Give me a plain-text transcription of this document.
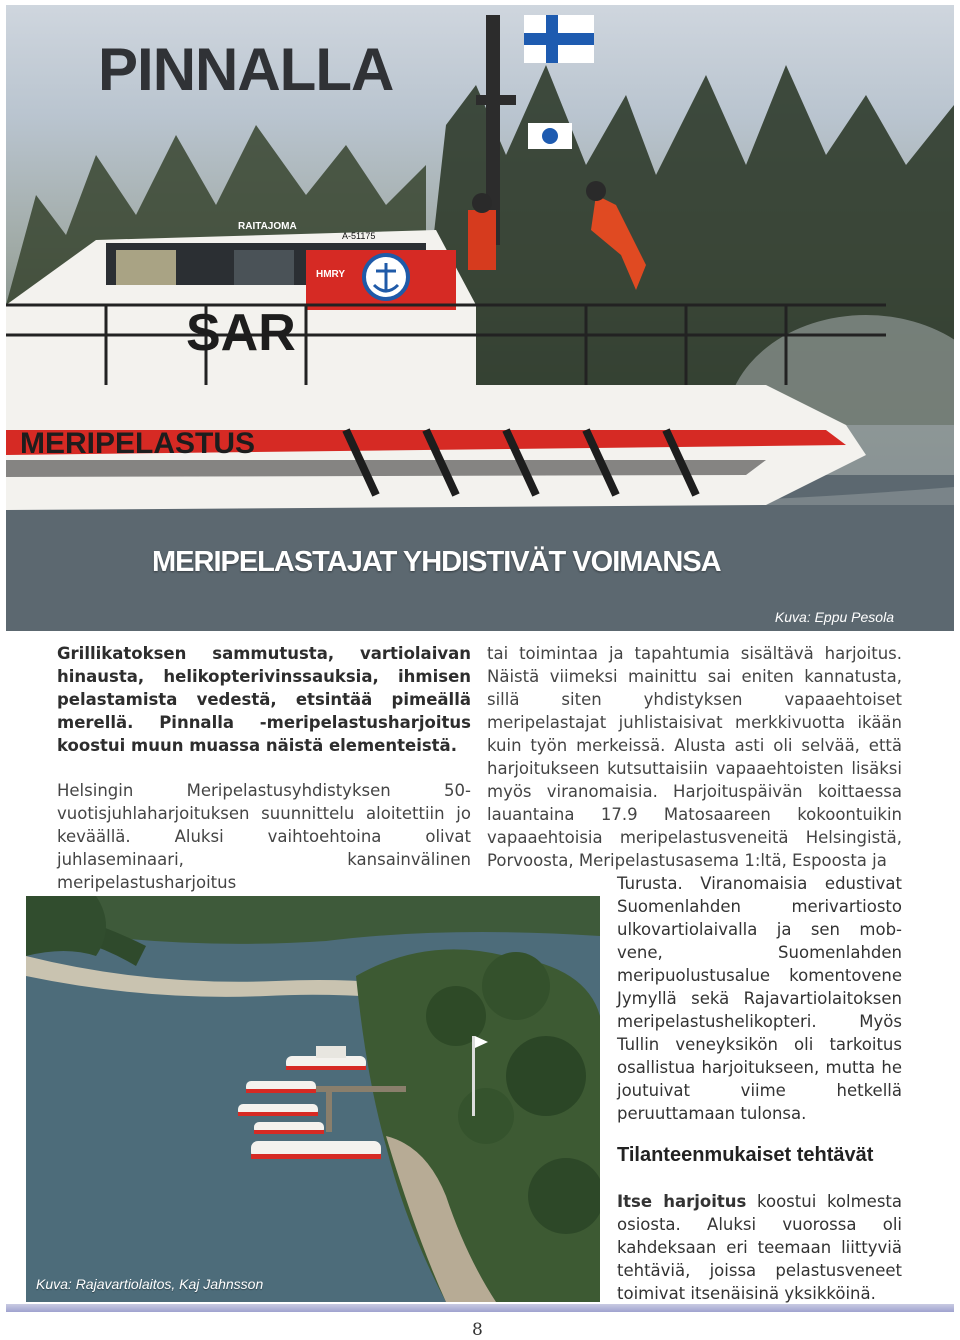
MERIPELASTUS
SAR
RAITAJOMA
A-51175
HMRY
PINNALLA
MERIPELASTAJAT YHDISTIVÄT VOIMANSA

Kuva: Eppu Pesola

Grillikatoksen sammutusta, vartiolaivan hinausta, helikopterivinssauksia, ihmisen pelastamista vedestä, etsintää pimeällä merellä. Pinnalla -meripelastusharjoitus koostui muun muassa näistä elementeistä.

Helsingin Meripelastusyhdistyksen 50-vuotisjuhlaharjoituksen suunnittelu aloitettiin jo keväällä. Aluksi vaihtoehtoina olivat juhlaseminaari, kansainvälinen meripelastusharjoitus

tai toimintaa ja tapahtumia sisältävä harjoitus. Näistä viimeksi mainittu sai eniten kannatusta, sillä siten yhdistyksen vapaaehtoiset meripelastajat juhlistaisivat merkkivuotta ikään kuin työn merkeissä. Alusta asti oli selvää, että harjoitukseen kutsuttaisiin vapaaehtoisten lisäksi myös viranomaisia. Harjoituspäivän koittaessa lauantaina 17.9 Matosaareen kokoontuikin vapaaehtoisia meripelastusveneitä Helsingistä, Porvoosta, Meripelastusasema 1:ltä, Espoosta ja

Turusta. Viranomaisia edustivat Suomenlahden merivartiosto ulkovartiolaivalla ja sen mob-vene, Suomenlahden meripuolustusalue komentovene Jymyllä sekä Rajavartiolaitoksen meripelastushelikopteri. Myös Tullin veneyksikön oli tarkoitus osallistua harjoitukseen, mutta he joutuivat viime hetkellä peruuttamaan tulonsa.

Tilanteenmukaiset tehtävät

Itse harjoitus koostui kolmesta osiosta. Aluksi vuorossa oli kahdeksaan eri teemaan liittyviä tehtäviä, joissa pelastusveneet toimivat itsenäisinä yksikköinä.

Kuva: Rajavartiolaitos, Kaj Jahnsson

8
